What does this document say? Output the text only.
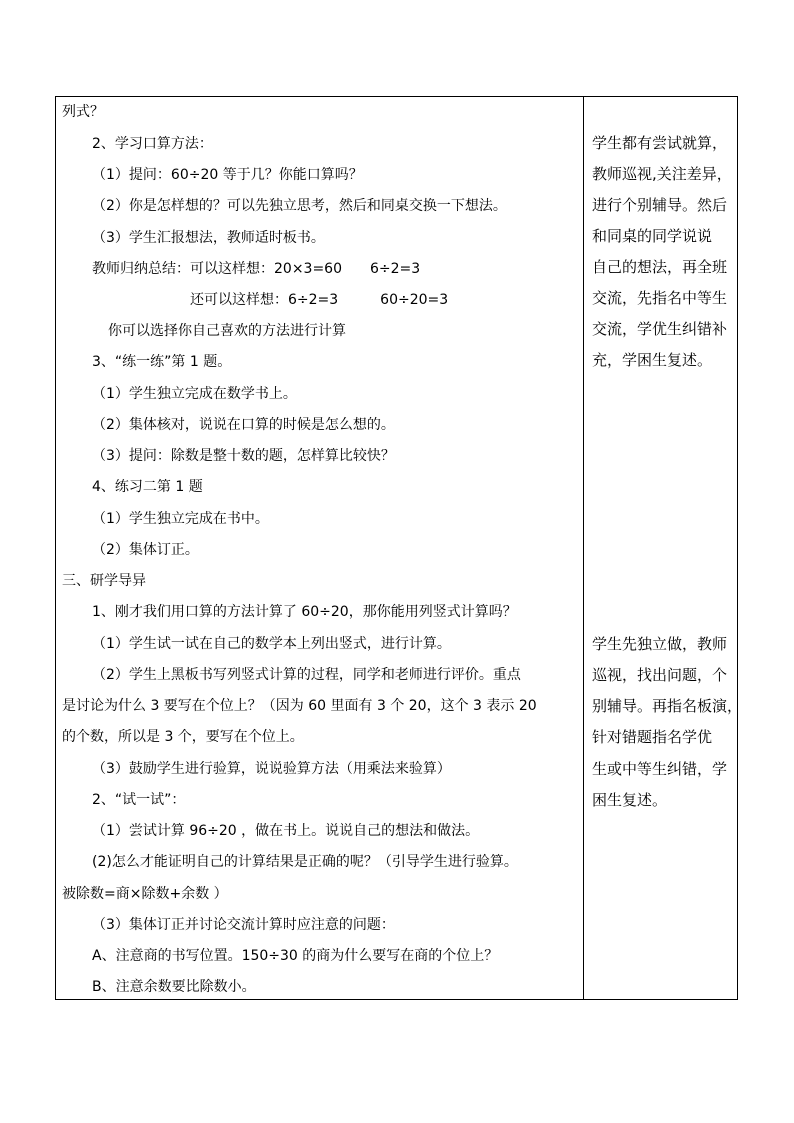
列式？
2、学习口算方法：
（1）提问：60÷20 等于几？你能口算吗？
（2）你是怎样想的？可以先独立思考，然后和同桌交换一下想法。
（3）学生汇报想法，教师适时板书。
教师归纳总结：可以这样想：20×3=60　　6÷2=3
还可以这样想：6÷2=3　　　60÷20=3
你可以选择你自己喜欢的方法进行计算
3、“练一练”第 1 题。
（1）学生独立完成在数学书上。
（2）集体核对，说说在口算的时候是怎么想的。
（3）提问：除数是整十数的题，怎样算比较快？
4、练习二第 1 题
（1）学生独立完成在书中。
（2）集体订正。
三、研学导异
1、刚才我们用口算的方法计算了 60÷20，那你能用列竖式计算吗？
（1）学生试一试在自己的数学本上列出竖式，进行计算。
（2）学生上黑板书写列竖式计算的过程，同学和老师进行评价。重点
是讨论为什么 3 要写在个位上？（因为 60 里面有 3 个 20，这个 3 表示 20
的个数，所以是 3 个，要写在个位上。
（3）鼓励学生进行验算，说说验算方法（用乘法来验算）
2、“试一试”：
（1）尝试计算 96÷20 ，做在书上。说说自己的想法和做法。
(2)怎么才能证明自己的计算结果是正确的呢？（引导学生进行验算。
被除数=商×除数+余数 ）
（3）集体订正并讨论交流计算时应注意的问题：
A、注意商的书写位置。150÷30 的商为什么要写在商的个位上？
B、注意余数要比除数小。
学生都有尝试就算，
教师巡视,关注差异，
进行个别辅导。然后
和同桌的同学说说
自己的想法，再全班
交流，先指名中等生
交流，学优生纠错补
充，学困生复述。
学生先独立做，教师
巡视，找出问题，个
别辅导。再指名板演，
针对错题指名学优
生或中等生纠错，学
困生复述。
